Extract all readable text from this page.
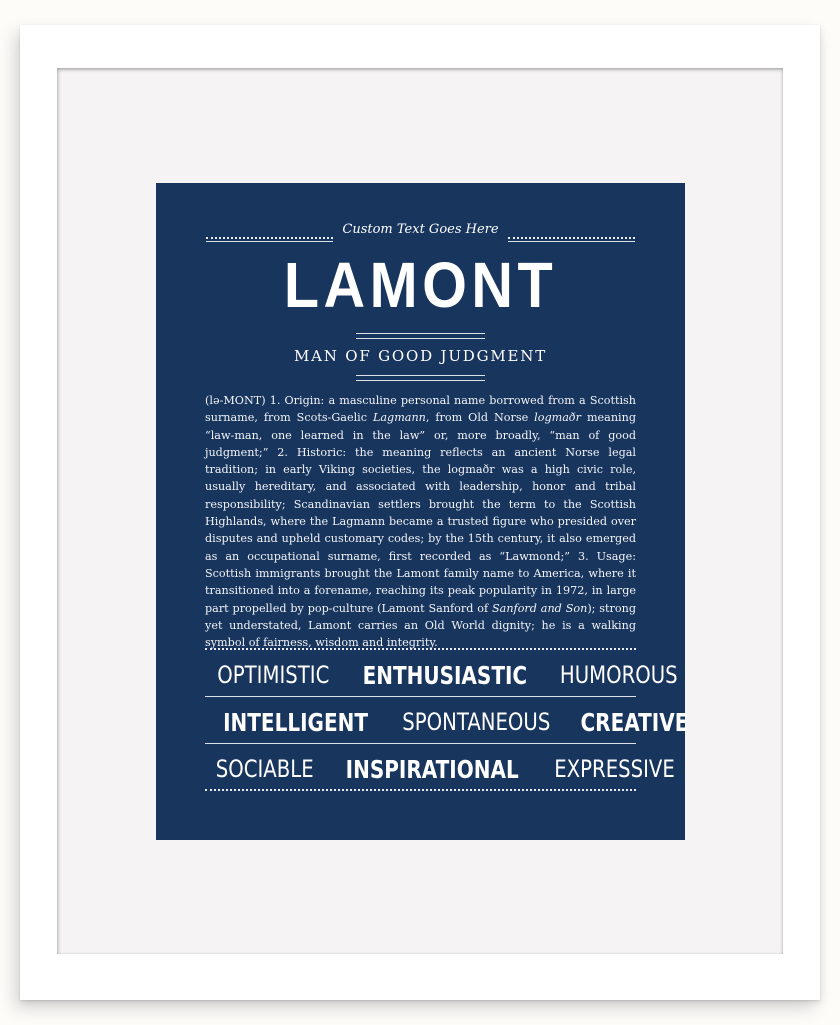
Custom Text Goes Here
LAMONT
MAN OF GOOD JUDGMENT
(lə-MONT) 1. Origin: a masculine personal name borrowed from a Scottish surname, from Scots-Gaelic Lagmann, from Old Norse logmaðr meaning “law-man, one learned in the law” or, more broadly, “man of good judgment;” 2. Historic: the meaning reflects an ancient Norse legal tradition; in early Viking societies, the logmaðr was a high civic role, usually hereditary, and associated with leadership, honor and tribal responsibility; Scandinavian settlers brought the term to the Scottish Highlands, where the Lagmann became a trusted figure who presided over disputes and upheld customary codes; by the 15th century, it also emerged as an occupational surname, first recorded as “Lawmond;” 3. Usage: Scottish immigrants brought the Lamont family name to America, where it transitioned into a forename, reaching its peak popularity in 1972, in large part propelled by pop-culture (Lamont Sanford of Sanford and Son); strong yet understated, Lamont carries an Old World dignity; he is a walking symbol of fairness, wisdom and integrity.
OPTIMISTIC ENTHUSIASTIC HUMOROUS
INTELLIGENT SPONTANEOUS CREATIVE
SOCIABLE INSPIRATIONAL EXPRESSIVE
